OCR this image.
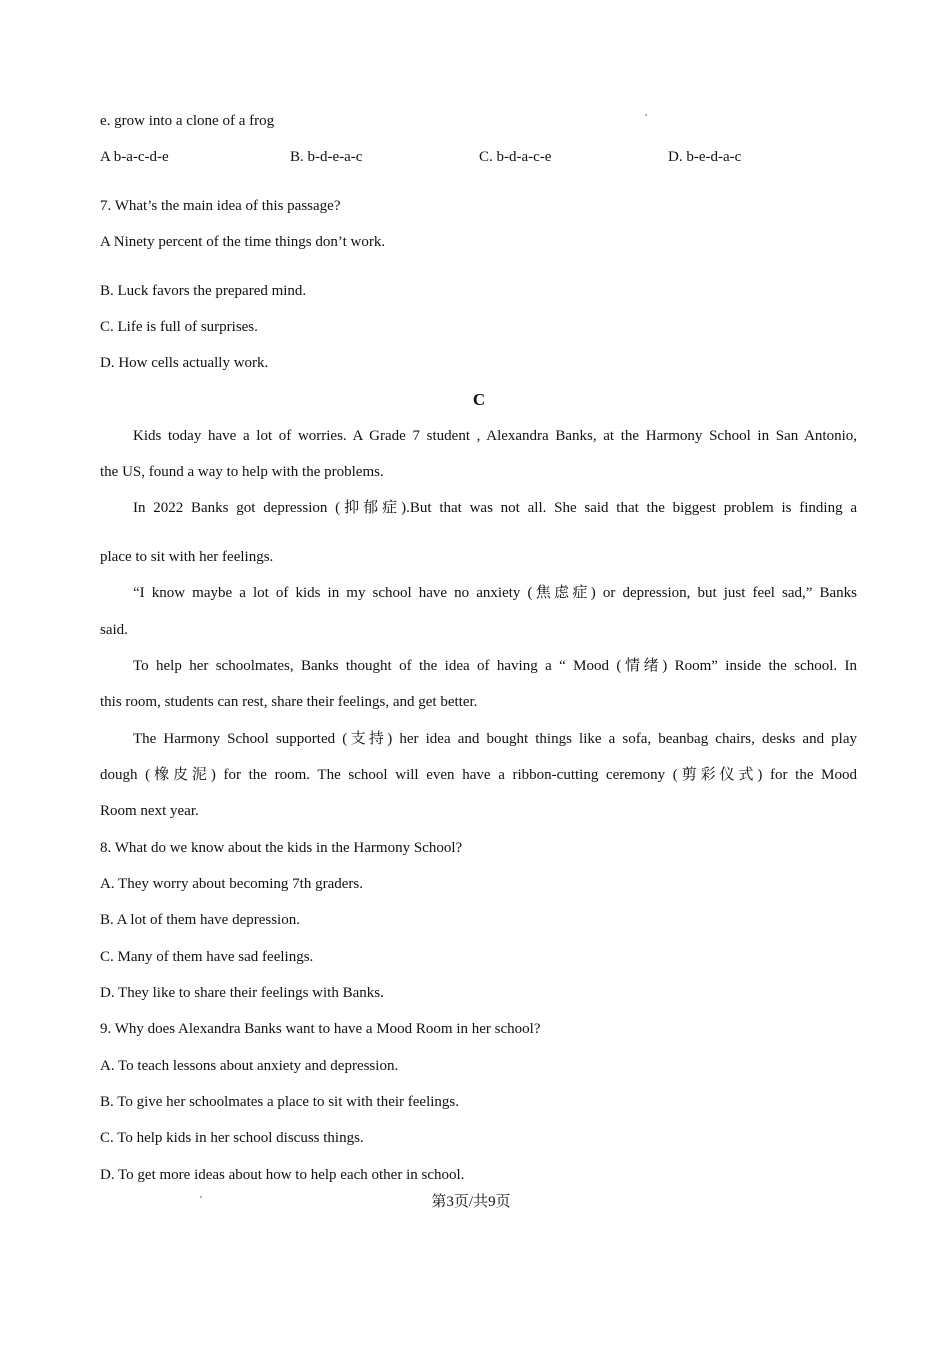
e. grow into a clone of a frog
A b-a-c-d-e	B. b-d-e-a-c	C. b-d-a-c-e	D. b-e-d-a-c
7. What’s the main idea of this passage?
A Ninety percent of the time things don’t work.
B. Luck favors the prepared mind.
C. Life is full of surprises.
D. How cells actually work.
C
Kids today have a lot of worries. A Grade 7 student , Alexandra Banks, at the Harmony School in San Antonio,
the US, found a way to help with the problems.
In 2022 Banks got depression (抑郁症).But that was not all. She said that the biggest problem is finding a
place to sit with her feelings.
“I know maybe a lot of kids in my school have no anxiety (焦虑症) or depression, but just feel sad,” Banks
said.
To help her schoolmates, Banks thought of the idea of having a “ Mood (情绪) Room” inside the school. In
this room, students can rest, share their feelings, and get better.
The Harmony School supported (支持) her idea and bought things like a sofa, beanbag chairs, desks and play
dough (橡皮泥) for the room. The school will even have a ribbon-cutting ceremony (剪彩仪式) for the Mood
Room next year.
8. What do we know about the kids in the Harmony School?
A. They worry about becoming 7th graders.
B. A lot of them have depression.
C. Many of them have sad feelings.
D. They like to share their feelings with Banks.
9. Why does Alexandra Banks want to have a Mood Room in her school?
A. To teach lessons about anxiety and depression.
B. To give her schoolmates a place to sit with their feelings.
C. To help kids in her school discuss things.
D. To get more ideas about how to help each other in school.
第3页/共9页
